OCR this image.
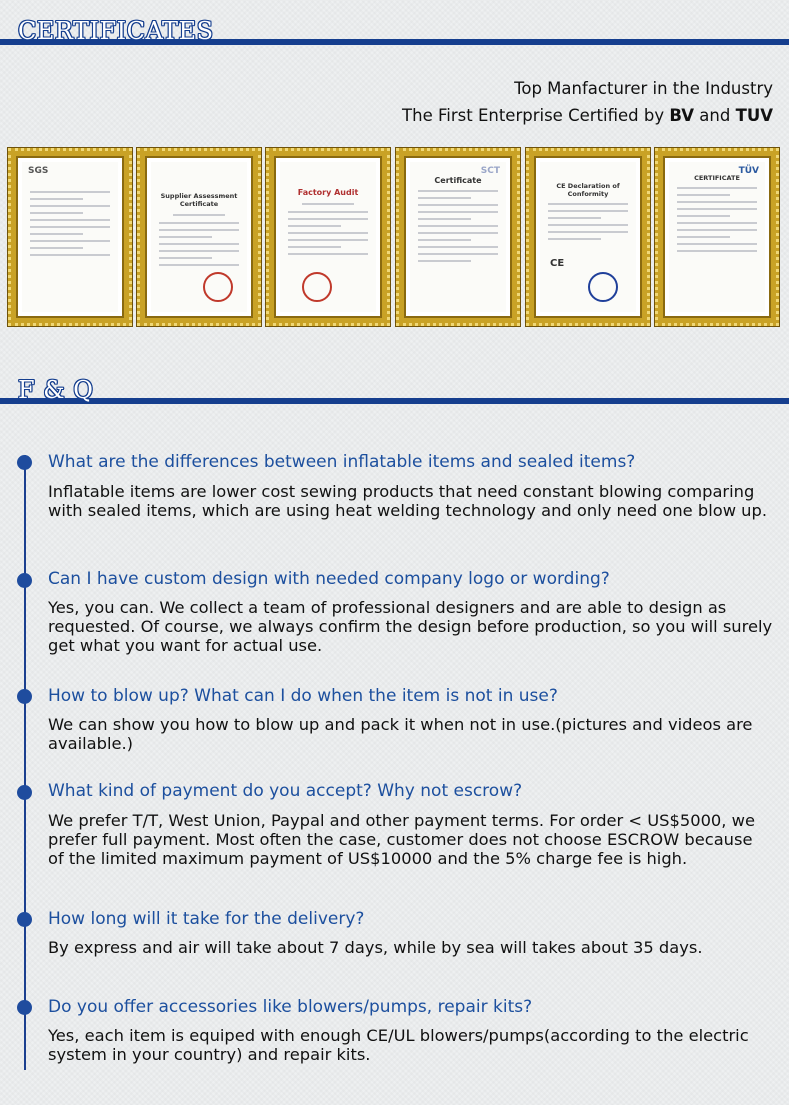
CERTIFICATES
Top Manfacturer in the Industry
The First Enterprise Certified by BV and TUV
SGS
Supplier Assessment Certificate
Factory Audit
SCT
Certificate
CE Declaration of Conformity
CE
TÜV
CERTIFICATE
F & Q
What are the differences between inflatable items and sealed items?
Inflatable items are lower cost sewing products that need constant blowing comparing with sealed items, which are using heat welding technology and only need one blow up.
Can I have custom design with needed company logo or wording?
Yes, you can. We collect a team of professional designers and are able to design as requested. Of course, we always confirm the design before production, so you will surely get what you want for actual use.
How to blow up? What can I do when the item is not in use?
We can show you how to blow up and pack it when not in use.(pictures and videos are available.)
What kind of payment do you accept? Why not escrow?
We prefer T/T, West Union, Paypal and other payment terms. For order < US$5000, we prefer full payment. Most often the case, customer does not choose ESCROW because of the limited maximum payment of US$10000 and the 5% charge fee is high.
How long will it take for the delivery?
By express and air will take about 7 days, while by sea will takes about 35 days.
Do you offer accessories like blowers/pumps, repair kits?
Yes, each item is equiped with enough CE/UL blowers/pumps(according to the electric system in your country) and repair kits.
